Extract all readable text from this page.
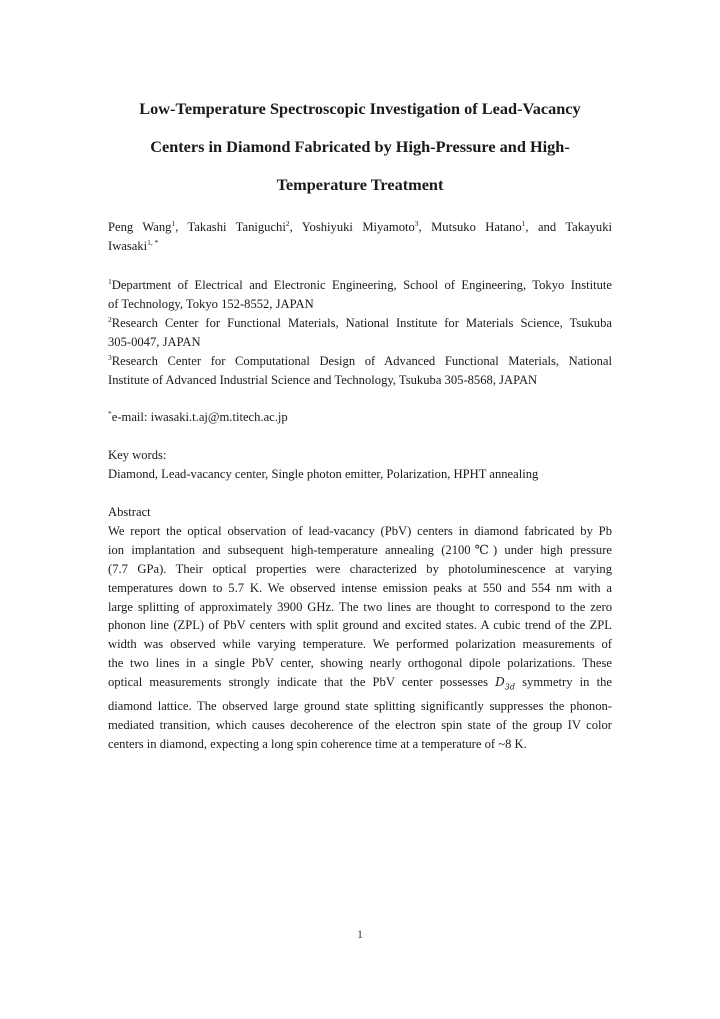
Low-Temperature Spectroscopic Investigation of Lead-Vacancy
Centers in Diamond Fabricated by High-Pressure and High-
Temperature Treatment
Peng Wang$^1$, Takashi Taniguchi$^2$, Yoshiyuki Miyamoto$^3$, Mutsuko Hatano$^1$, and Takayuki
Iwasaki$^{1, *}$
$^1$Department of Electrical and Electronic Engineering, School of Engineering, Tokyo Institute
of Technology, Tokyo 152-8552, JAPAN
$^2$Research Center for Functional Materials, National Institute for Materials Science, Tsukuba
305-0047, JAPAN
$^3$Research Center for Computational Design of Advanced Functional Materials, National
Institute of Advanced Industrial Science and Technology, Tsukuba 305-8568, JAPAN
*e-mail: iwasaki.t.aj@m.titech.ac.jp
Key words:
Diamond, Lead-vacancy center, Single photon emitter, Polarization, HPHT annealing
Abstract
We report the optical observation of lead-vacancy (PbV) centers in diamond fabricated by Pb
ion implantation and subsequent high-temperature annealing (2100℃) under high pressure
(7.7 GPa). Their optical properties were characterized by photoluminescence at varying
temperatures down to 5.7 K. We observed intense emission peaks at 550 and 554 nm with a
large splitting of approximately 3900 GHz. The two lines are thought to correspond to the zero
phonon line (ZPL) of PbV centers with split ground and excited states. A cubic trend of the ZPL
width was observed while varying temperature. We performed polarization measurements of
the two lines in a single PbV center, showing nearly orthogonal dipole polarizations. These
optical measurements strongly indicate that the PbV center possesses $D_{3d}$ symmetry in the
diamond lattice. The observed large ground state splitting significantly suppresses the phonon-
mediated transition, which causes decoherence of the electron spin state of the group IV color
centers in diamond, expecting a long spin coherence time at a temperature of ~8 K.
1
